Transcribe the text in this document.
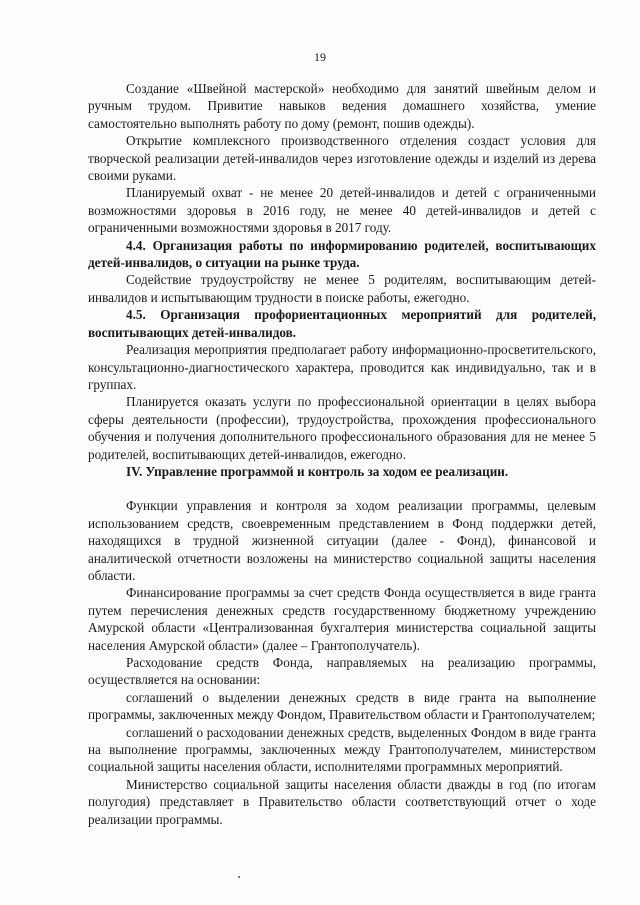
19

Создание «Швейной мастерской» необходимо для занятий швейным делом и ручным трудом. Привитие навыков ведения домашнего хозяйства, умение самостоятельно выполнять работу по дому (ремонт, пошив одежды).

Открытие комплексного производственного отделения создаст условия для творческой реализации детей-инвалидов через изготовление одежды и изделий из дерева своими руками.

Планируемый охват - не менее 20 детей-инвалидов и детей с ограниченными возможностями здоровья в 2016 году, не менее 40 детей-инвалидов и детей с ограниченными возможностями здоровья в 2017 году.

4.4. Организация работы по информированию родителей, воспитывающих детей-инвалидов, о ситуации на рынке труда.

Содействие трудоустройству не менее 5 родителям, воспитывающим детей-инвалидов и испытывающим трудности в поиске работы, ежегодно.

4.5. Организация профориентационных мероприятий для родителей, воспитывающих детей-инвалидов.

Реализация мероприятия предполагает работу информационно-просветительского, консультационно-диагностического характера, проводится как индивидуально, так и в группах.

Планируется оказать услуги по профессиональной ориентации в целях выбора сферы деятельности (профессии), трудоустройства, прохождения профессионального обучения и получения дополнительного профессионального образования для не менее 5 родителей, воспитывающих детей-инвалидов, ежегодно.

IV. Управление программой и контроль за ходом ее реализации.

Функции управления и контроля за ходом реализации программы, целевым использованием средств, своевременным представлением в Фонд поддержки детей, находящихся в трудной жизненной ситуации (далее - Фонд), финансовой и аналитической отчетности возложены на министерство социальной защиты населения области.

Финансирование программы за счет средств Фонда осуществляется в виде гранта путем перечисления денежных средств государственному бюджетному учреждению Амурской области «Централизованная бухгалтерия министерства социальной защиты населения Амурской области» (далее – Грантополучатель).

Расходование средств Фонда, направляемых на реализацию программы, осуществляется на основании:

соглашений о выделении денежных средств в виде гранта на выполнение программы, заключенных между Фондом, Правительством области и Грантополучателем;

соглашений о расходовании денежных средств, выделенных Фондом в виде гранта на выполнение программы, заключенных между Грантополучателем, министерством социальной защиты населения области, исполнителями программных мероприятий.

Министерство социальной защиты населения области дважды в год (по итогам полугодия) представляет в Правительство области соответствующий отчет о ходе реализации программы.
